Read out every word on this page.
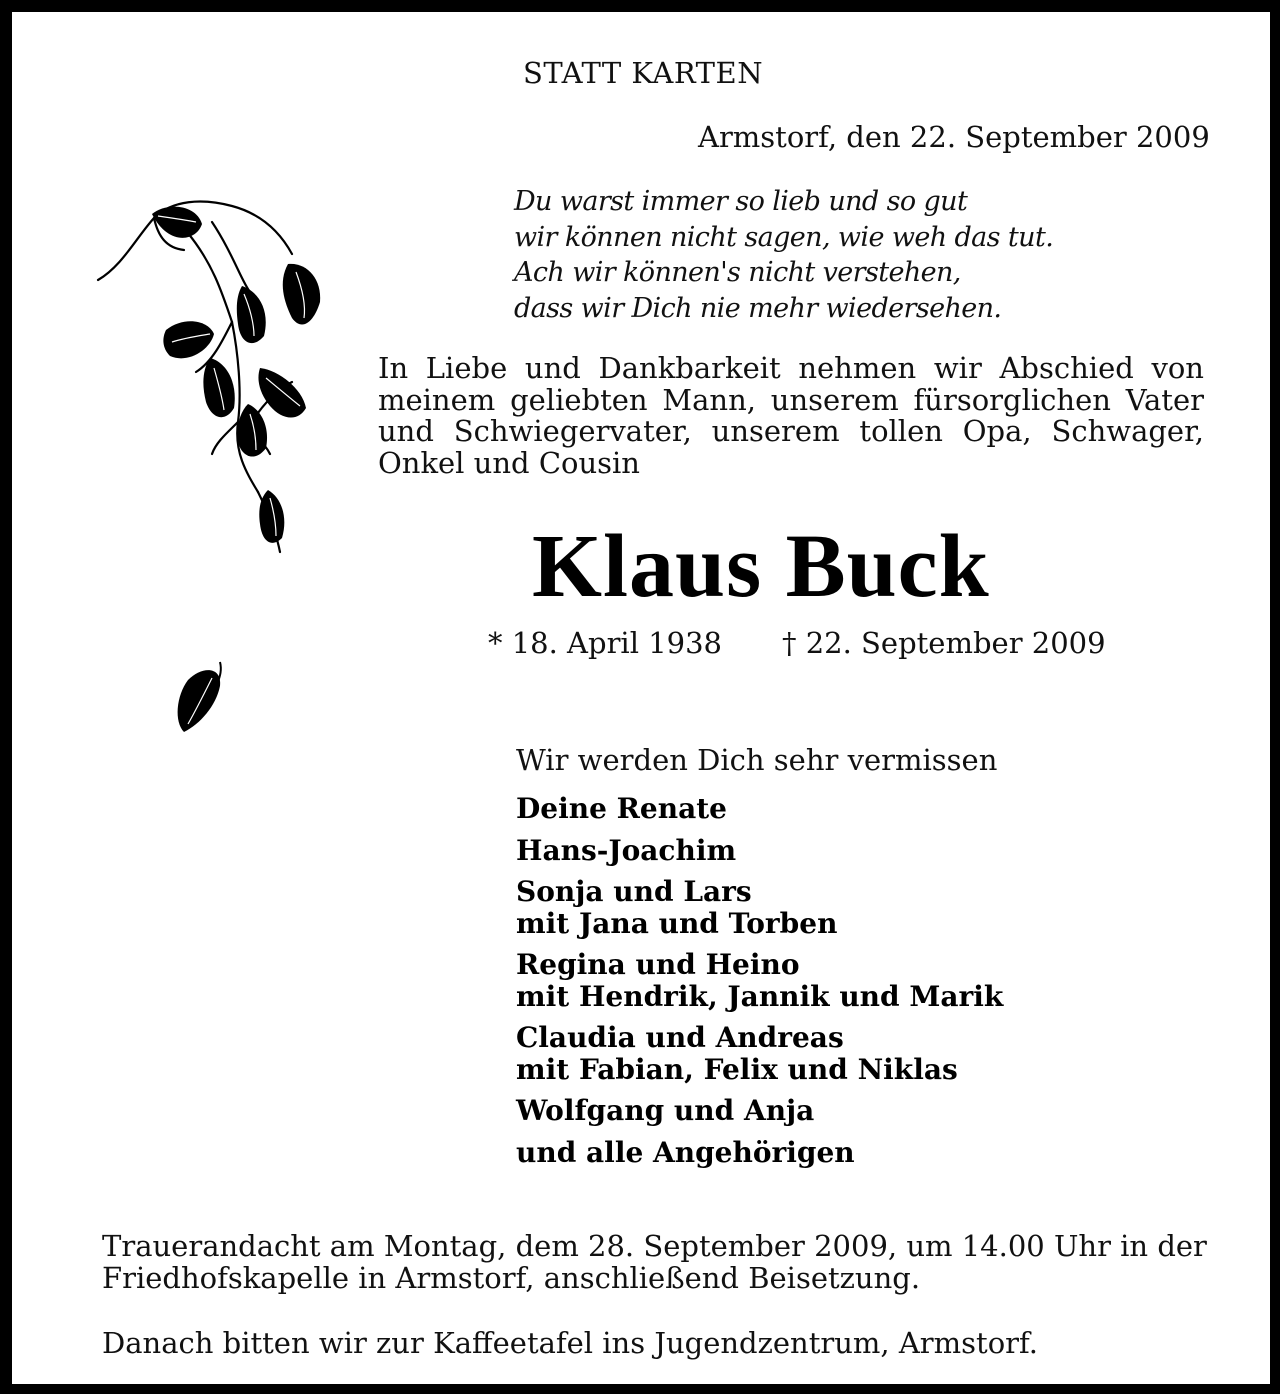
STATT KARTEN

Armstorf, den 22. September 2009

Du warst immer so lieb und so gut
wir können nicht sagen, wie weh das tut.
Ach wir können's nicht verstehen,
dass wir Dich nie mehr wiedersehen.
In Liebe und Dankbarkeit nehmen wir Abschied von
meinem geliebten Mann, unserem fürsorglichen Vater
und Schwiegervater, unserem tollen Opa, Schwager,
Onkel und Cousin
Klaus Buck

* 18. April 1938 † 22. September 2009

Wir werden Dich sehr vermissen

Deine Renate
Hans-Joachim
Sonja und Lars
mit Jana und Torben
Regina und Heino
mit Hendrik, Jannik und Marik
Claudia und Andreas
mit Fabian, Felix und Niklas
Wolfgang und Anja
und alle Angehörigen
Trauerandacht am Montag, dem 28. September 2009, um 14.00 Uhr in der
Friedhofskapelle in Armstorf, anschließend Beisetzung.

Danach bitten wir zur Kaffeetafel ins Jugendzentrum, Armstorf.
